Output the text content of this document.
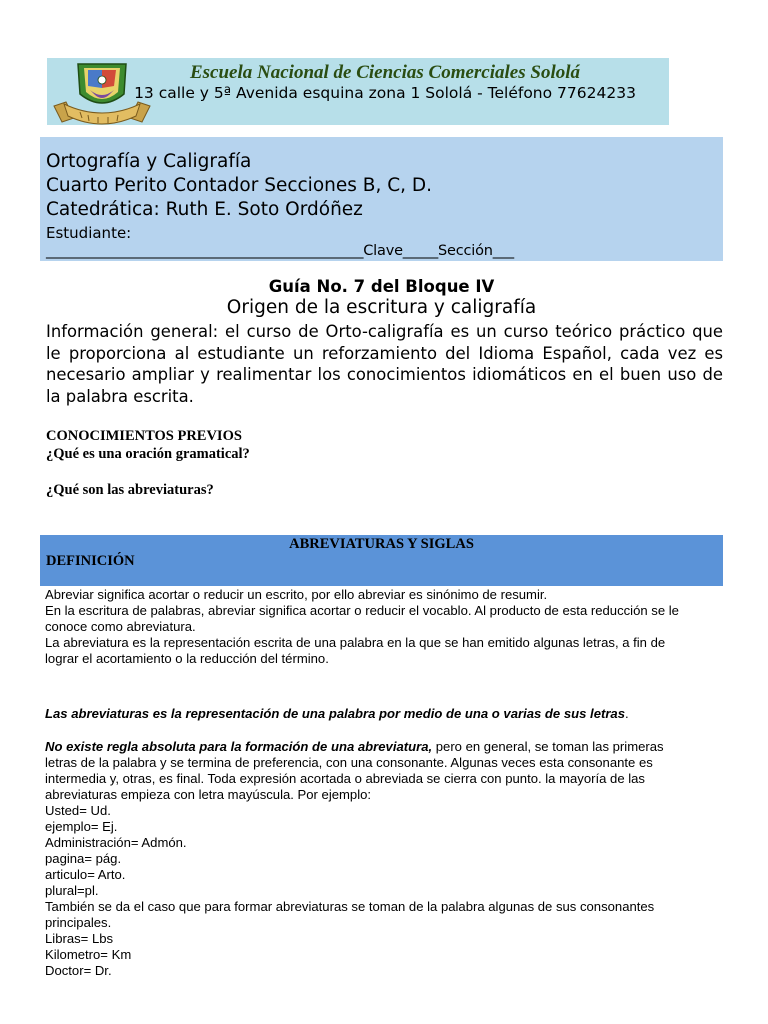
Escuela Nacional de Ciencias Comerciales Sololá
13 calle y 5ª Avenida esquina zona 1 Sololá - Teléfono 77624233
Ortografía y Caligrafía
Cuarto Perito Contador Secciones B, C, D.
Catedrática: Ruth E. Soto Ordóñez
Estudiante:
_____________________________________________Clave_____Sección___
Guía No. 7 del Bloque IV
Origen de la escritura y caligrafía

Información general: el curso de Orto-caligrafía es un curso teórico práctico que le proporciona al estudiante un reforzamiento del Idioma Español, cada vez es necesario ampliar y realimentar los conocimientos idiomáticos en el buen uso de la palabra escrita.

CONOCIMIENTOS PREVIOS
¿Qué es una oración gramatical?
¿Qué son las abreviaturas?
ABREVIATURAS Y SIGLAS
DEFINICIÓN
Abreviar significa acortar o reducir un escrito, por ello abreviar es sinónimo de resumir.
En la escritura de palabras, abreviar significa acortar o reducir el vocablo. Al producto de esta reducción se le
conoce como abreviatura.
La abreviatura es la representación escrita de una palabra en la que se han emitido algunas letras, a fin de
lograr el acortamiento o la reducción del término.
Las abreviaturas es la representación de una palabra por medio de una o varias de sus letras.
No existe regla absoluta para la formación de una abreviatura, pero en general, se toman las primeras
letras de la palabra y se termina de preferencia, con una consonante. Algunas veces esta consonante es
intermedia y, otras, es final. Toda expresión acortada o abreviada se cierra con punto. la mayoría de las
abreviaturas empieza con letra mayúscula. Por ejemplo:
Usted= Ud.
ejemplo= Ej.
Administración= Admón.
pagina= pág.
articulo= Arto.
plural=pl.
También se da el caso que para formar abreviaturas se toman de la palabra algunas de sus consonantes
principales.
Libras= Lbs
Kilometro= Km
Doctor= Dr.
